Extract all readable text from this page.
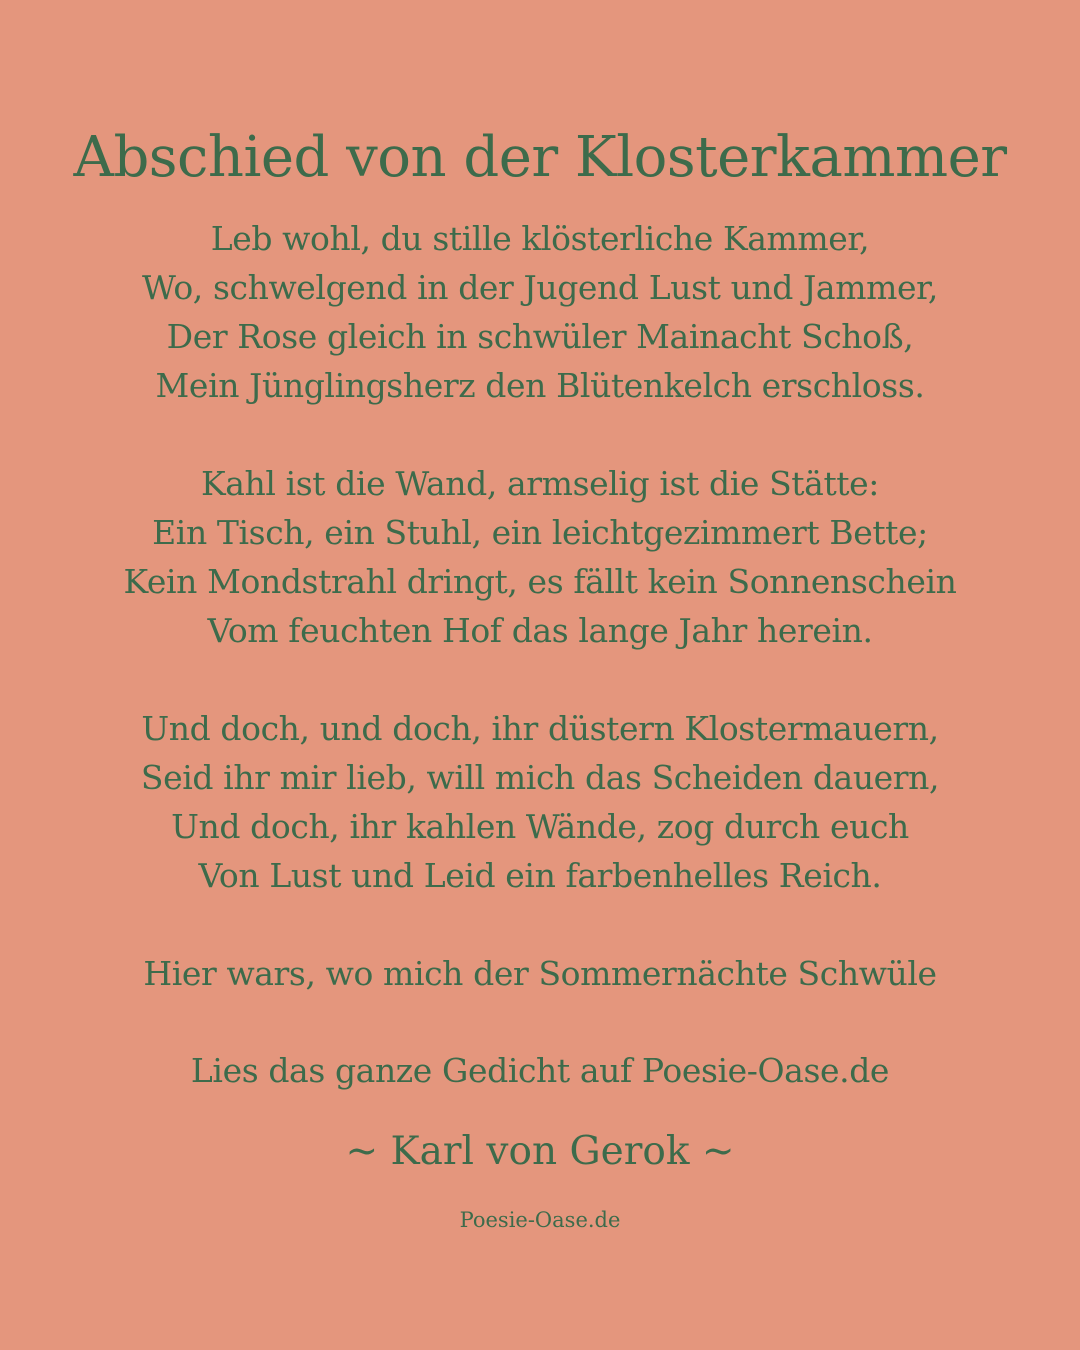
Abschied von der Klosterkammer
Leb wohl, du stille klösterliche Kammer,
Wo, schwelgend in der Jugend Lust und Jammer,
Der Rose gleich in schwüler Mainacht Schoß,
Mein Jünglingsherz den Blütenkelch erschloss.
Kahl ist die Wand, armselig ist die Stätte:
Ein Tisch, ein Stuhl, ein leichtgezimmert Bette;
Kein Mondstrahl dringt, es fällt kein Sonnenschein
Vom feuchten Hof das lange Jahr herein.
Und doch, und doch, ihr düstern Klostermauern,
Seid ihr mir lieb, will mich das Scheiden dauern,
Und doch, ihr kahlen Wände, zog durch euch
Von Lust und Leid ein farbenhelles Reich.
Hier wars, wo mich der Sommernächte Schwüle
Lies das ganze Gedicht auf Poesie-Oase.de
~ Karl von Gerok ~
Poesie-Oase.de
